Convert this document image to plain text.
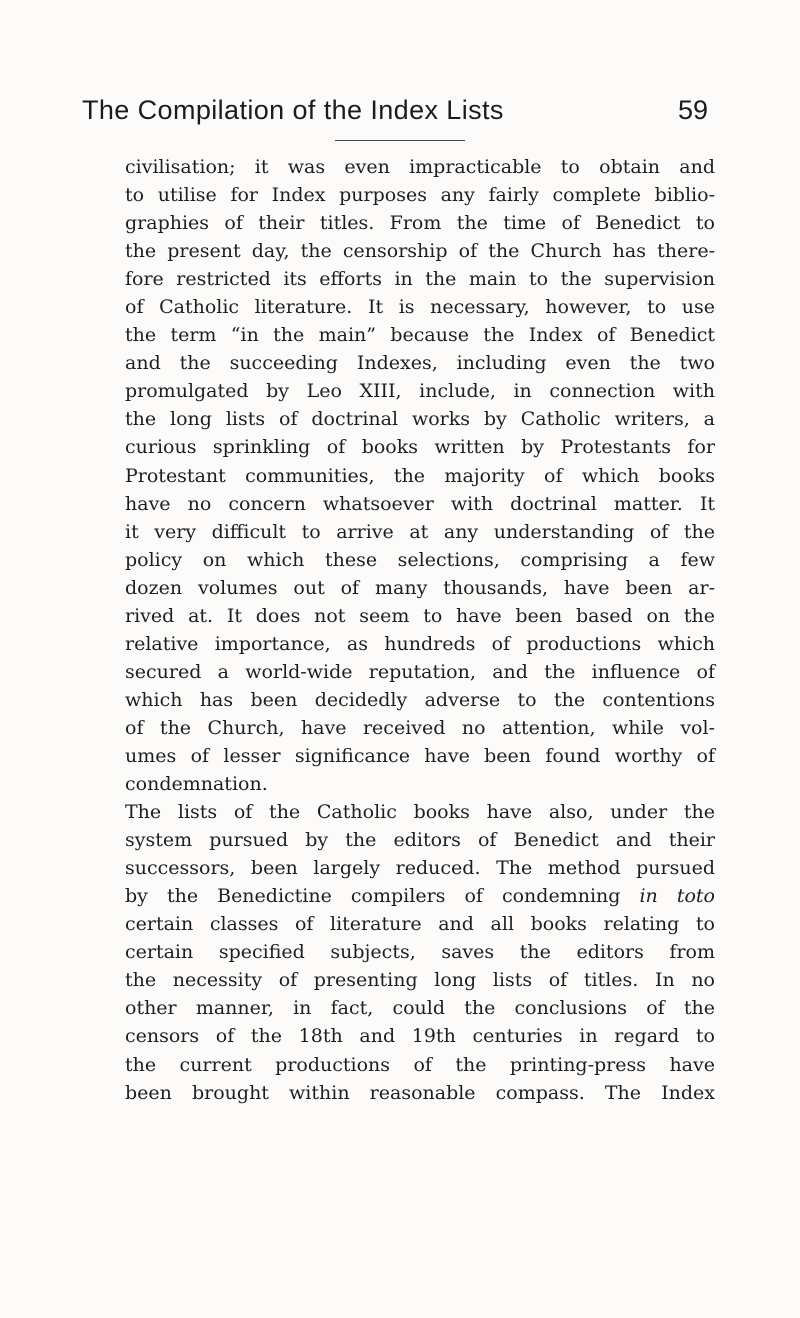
The Compilation of the Index Lists	59
civilisation; it was even impracticable to obtain and
to utilise for Index purposes any fairly complete biblio-
graphies of their titles. From the time of Benedict to
the present day, the censorship of the Church has there-
fore restricted its efforts in the main to the supervision
of Catholic literature. It is necessary, however, to use
the term “in the main” because the Index of Benedict
and the succeeding Indexes, including even the two
promulgated by Leo XIII, include, in connection with
the long lists of doctrinal works by Catholic writers, a
curious sprinkling of books written by Protestants for
Protestant communities, the majority of which books
have no concern whatsoever with doctrinal matter. It
it very difficult to arrive at any understanding of the
policy on which these selections, comprising a few
dozen volumes out of many thousands, have been ar-
rived at. It does not seem to have been based on the
relative importance, as hundreds of productions which
secured a world-wide reputation, and the influence of
which has been decidedly adverse to the contentions
of the Church, have received no attention, while vol-
umes of lesser significance have been found worthy of
condemnation.
The lists of the Catholic books have also, under the
system pursued by the editors of Benedict and their
successors, been largely reduced. The method pursued
by the Benedictine compilers of condemning in toto
certain classes of literature and all books relating to
certain specified subjects, saves the editors from
the necessity of presenting long lists of titles. In no
other manner, in fact, could the conclusions of the
censors of the 18th and 19th centuries in regard to
the current productions of the printing-press have
been brought within reasonable compass. The Index
